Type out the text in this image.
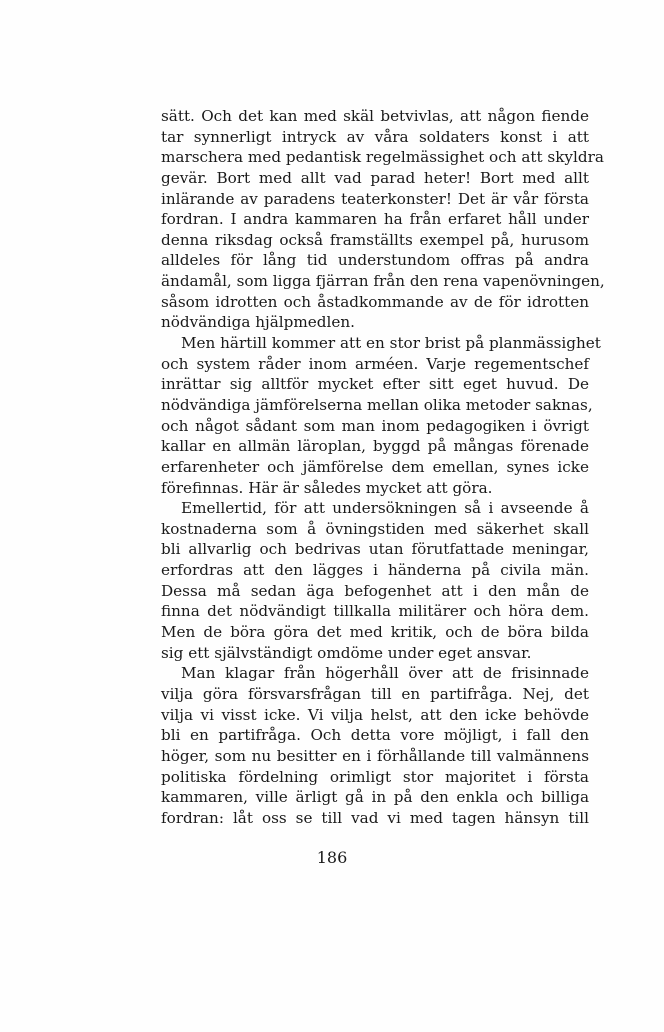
sätt. Och det kan med skäl betvivlas, att någon fiende
tar synnerligt intryck av våra soldaters konst i att
marschera med pedantisk regelmässighet och att skyldra
gevär. Bort med allt vad parad heter! Bort med allt
inlärande av paradens teaterkonster! Det är vår första
fordran. I andra kammaren ha från erfaret håll under
denna riksdag också framställts exempel på, hurusom
alldeles för lång tid understundom offras på andra
ändamål, som ligga fjärran från den rena vapenövningen,
såsom idrotten och åstadkommande av de för idrotten
nödvändiga hjälpmedlen.
Men härtill kommer att en stor brist på planmässighet
och system råder inom arméen. Varje regementschef
inrättar sig alltför mycket efter sitt eget huvud. De
nödvändiga jämförelserna mellan olika metoder saknas,
och något sådant som man inom pedagogiken i övrigt
kallar en allmän läroplan, byggd på mångas förenade
erfarenheter och jämförelse dem emellan, synes icke
förefinnas. Här är således mycket att göra.
Emellertid, för att undersökningen så i avseende å
kostnaderna som å övningstiden med säkerhet skall
bli allvarlig och bedrivas utan förutfattade meningar,
erfordras att den lägges i händerna på civila män.
Dessa må sedan äga befogenhet att i den mån de
finna det nödvändigt tillkalla militärer och höra dem.
Men de böra göra det med kritik, och de böra bilda
sig ett självständigt omdöme under eget ansvar.
Man klagar från högerhåll över att de frisinnade
vilja göra försvarsfrågan till en partifråga. Nej, det
vilja vi visst icke. Vi vilja helst, att den icke behövde
bli en partifråga. Och detta vore möjligt, i fall den
höger, som nu besitter en i förhållande till valmännens
politiska fördelning orimligt stor majoritet i första
kammaren, ville ärligt gå in på den enkla och billiga
fordran: låt oss se till vad vi med tagen hänsyn till
186
